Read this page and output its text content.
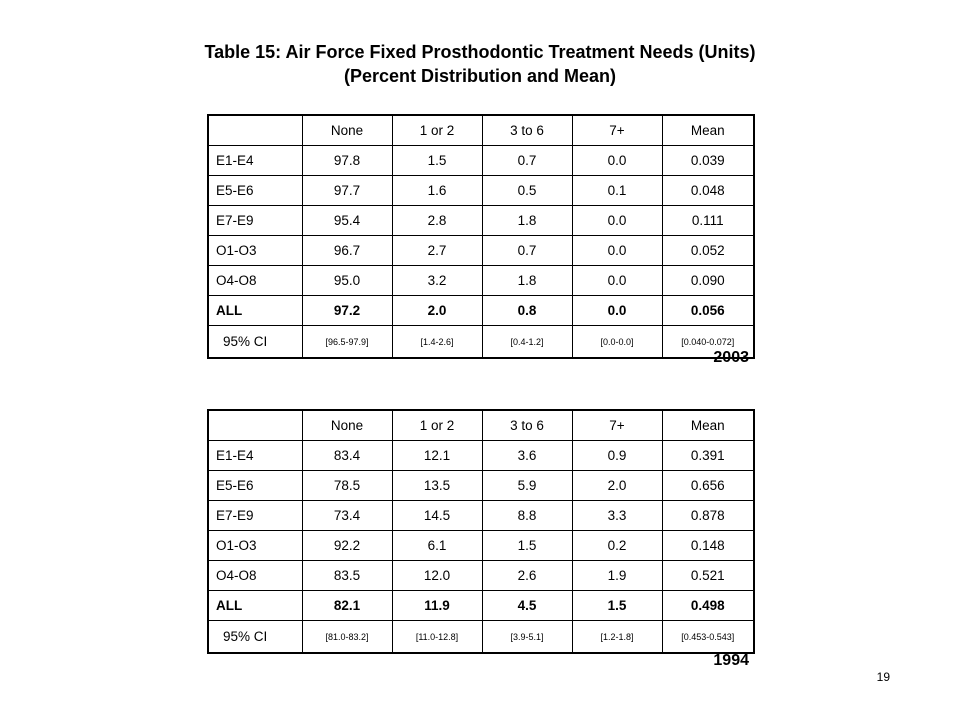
Table 15: Air Force Fixed Prosthodontic Treatment Needs (Units)
(Percent Distribution and Mean)
	None	1 or 2	3 to 6	7+	Mean
E1-E4	97.8	1.5	0.7	0.0	0.039
E5-E6	97.7	1.6	0.5	0.1	0.048
E7-E9	95.4	2.8	1.8	0.0	0.111
O1-O3	96.7	2.7	0.7	0.0	0.052
O4-O8	95.0	3.2	1.8	0.0	0.090
ALL	97.2	2.0	0.8	0.0	0.056
95% CI	[96.5-97.9]	[1.4-2.6]	[0.4-1.2]	[0.0-0.0]	[0.040-0.072]
2003
	None	1 or 2	3 to 6	7+	Mean
E1-E4	83.4	12.1	3.6	0.9	0.391
E5-E6	78.5	13.5	5.9	2.0	0.656
E7-E9	73.4	14.5	8.8	3.3	0.878
O1-O3	92.2	6.1	1.5	0.2	0.148
O4-O8	83.5	12.0	2.6	1.9	0.521
ALL	82.1	11.9	4.5	1.5	0.498
95% CI	[81.0-83.2]	[11.0-12.8]	[3.9-5.1]	[1.2-1.8]	[0.453-0.543]
1994
19
